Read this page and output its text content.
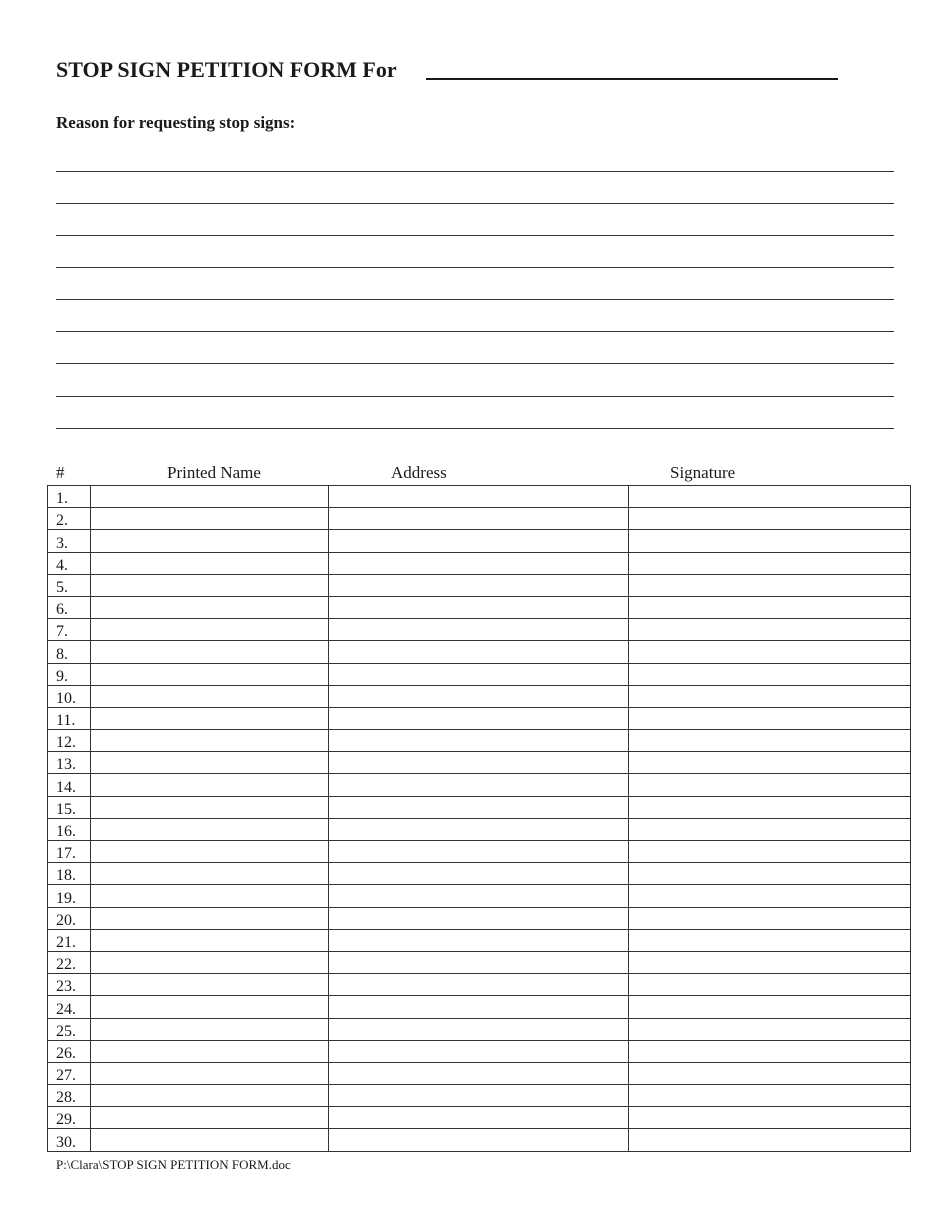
STOP SIGN PETITION FORM For
Reason for requesting stop signs:
#	Printed Name	Address	Signature
1.			
2.			
3.			
4.			
5.			
6.			
7.			
8.			
9.			
10.			
11.			
12.			
13.			
14.			
15.			
16.			
17.			
18.			
19.			
20.			
21.			
22.			
23.			
24.			
25.			
26.			
27.			
28.			
29.			
30.			
P:\Clara\STOP SIGN PETITION FORM.doc
